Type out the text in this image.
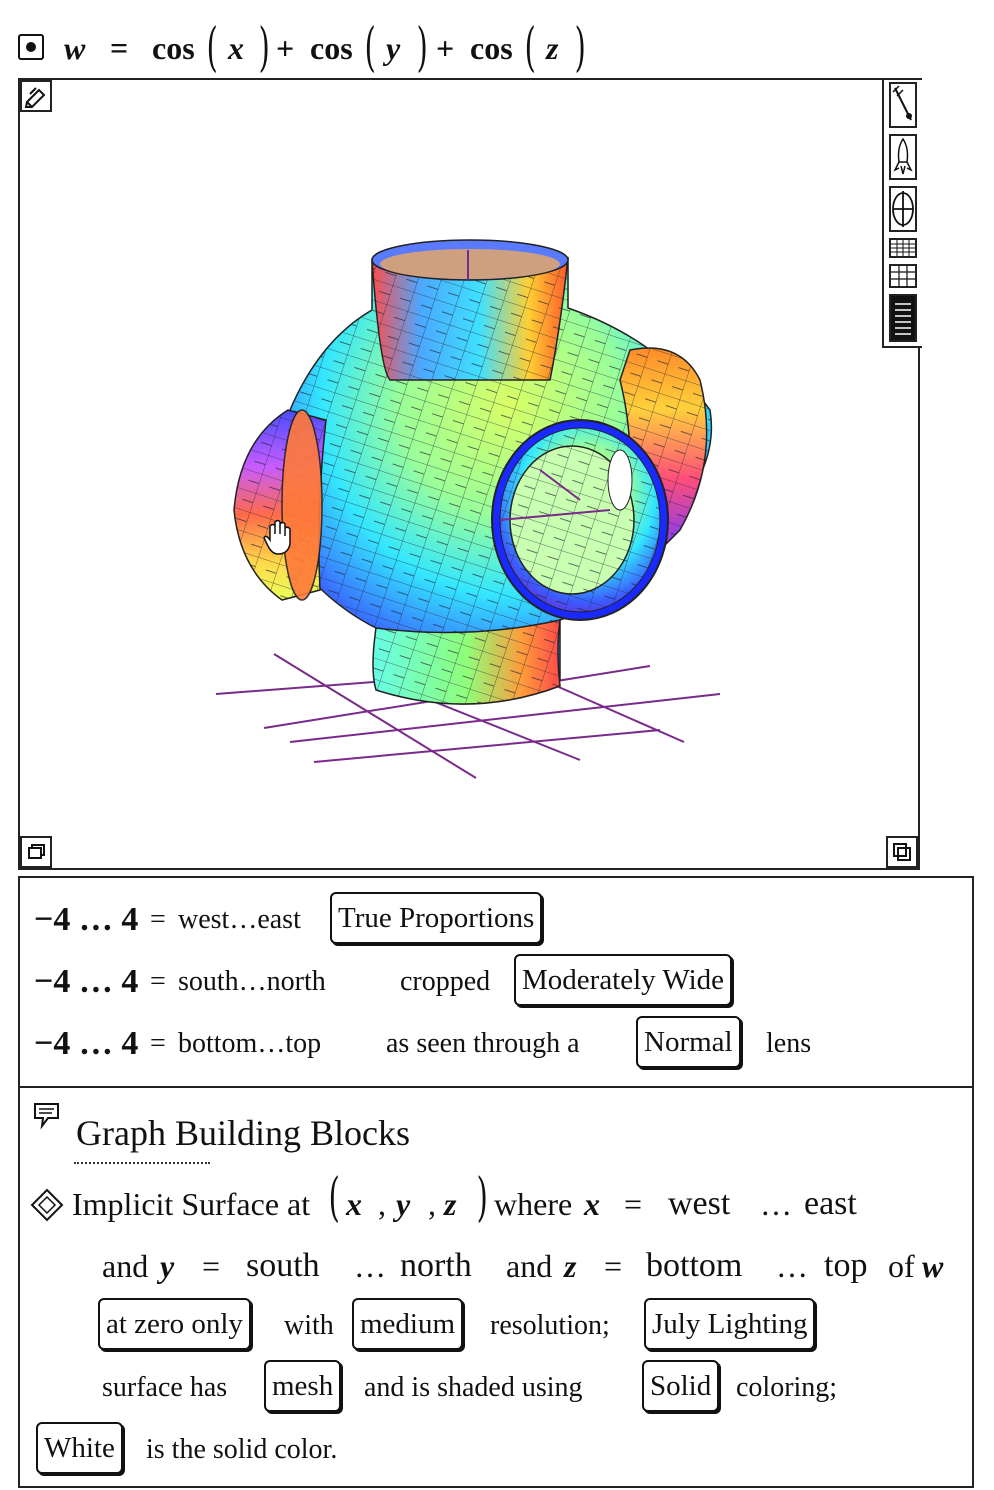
w = cos ( x ) + cos ( y ) + cos ( z )
−4 … 4 = west…east True Proportions
−4 … 4 = south…north	cropped Moderately Wide
−4 … 4 = bottom…top as seen through a Normal lens
Graph Building Blocks
Implicit Surface at ( x , y , z ) where x = west … east
and y = south … north and z = bottom … top of w
at zero only with medium resolution; July Lighting
surface has mesh and is shaded using Solid coloring;
White is the solid color.
